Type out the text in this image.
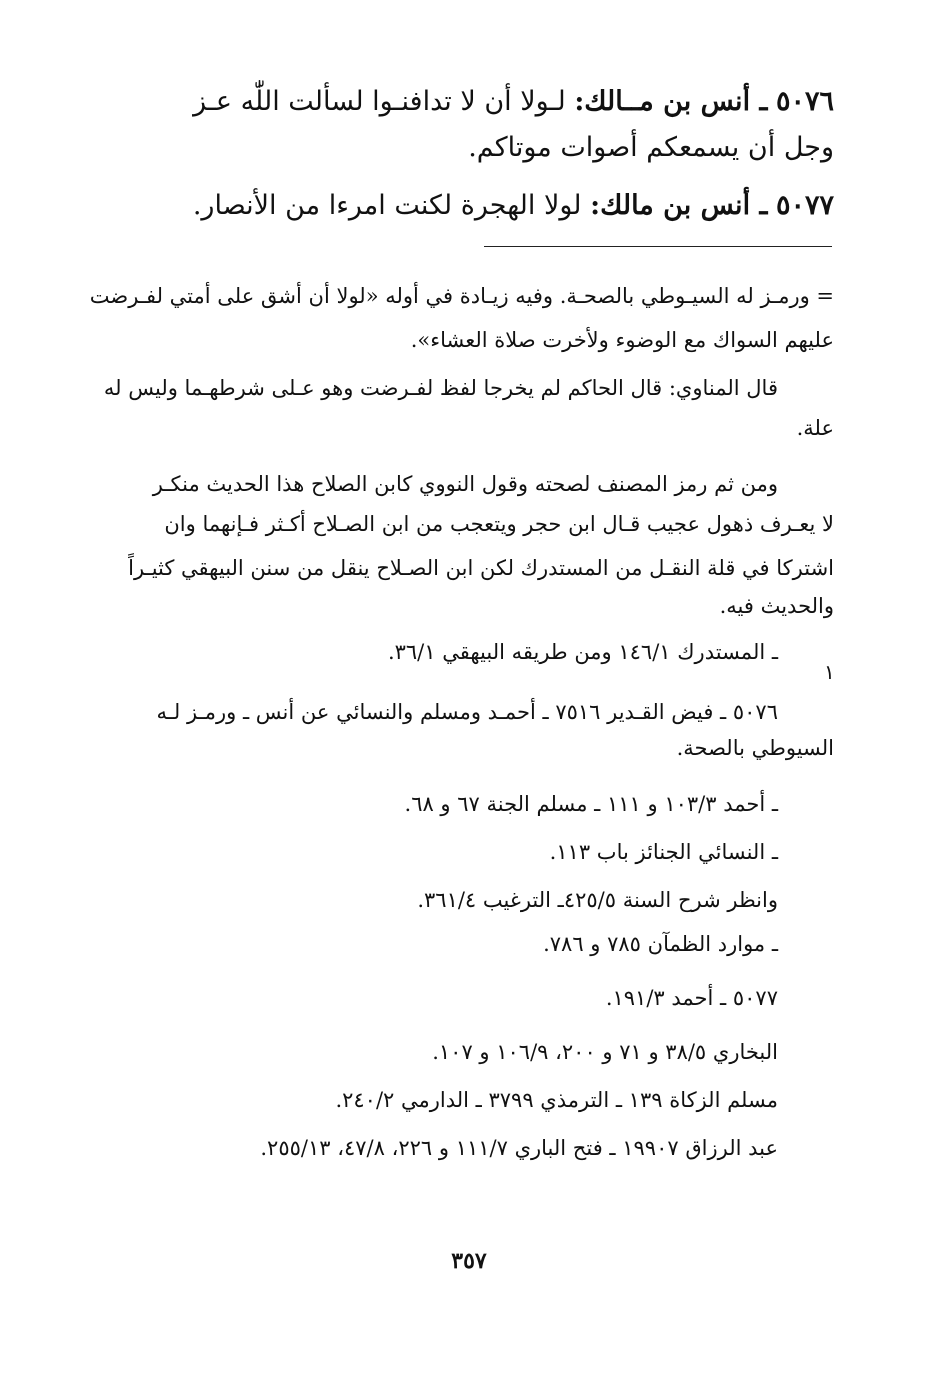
٥٠٧٦ ـ أنس بن مــالك: لـولا أن لا تدافنـوا لسألت اللّٰه عـز
وجل أن يسمعكم أصوات موتاكم.
٥٠٧٧ ـ أنس بن مالك: لولا الهجرة لكنت امرءا من الأنصار.
= ورمـز له السيـوطي بالصحـة. وفيه زيـادة في أوله «لولا أن أشق على أمتي لفـرضت
عليهم السواك مع الوضوء ولأخرت صلاة العشاء».
قال المناوي: قال الحاكم لم يخرجا لفظ لفـرضت وهو عـلى شرطهـما وليس له
علة.
ومن ثم رمز المصنف لصحته وقول النووي كابن الصلاح هذا الحديث منكـر
لا يعـرف ذهول عجيب قـال ابن حجر ويتعجب من ابن الصـلاح أكـثر فـإنهما وان
اشتركا في قلة النقـل من المستدرك لكن ابن الصـلاح ينقل من سنن البيهقي كثيـراً
والحديث فيه.
ـ المستدرك ١٤٦/١ ومن طريقه البيهقي ٣٦/١.
١
٥٠٧٦ ـ فيض القـدير ٧٥١٦ ـ أحمـد ومسلم والنسائي عن أنس ـ ورمـز لـه
السيوطي بالصحة.
ـ أحمد ١٠٣/٣ و ١١١ ـ مسلم الجنة ٦٧ و ٦٨.
ـ النسائي الجنائز باب ١١٣.
وانظر شرح السنة ٤٢٥/٥ـ الترغيب ٣٦١/٤.
ـ موارد الظمآن ٧٨٥ و ٧٨٦.
٥٠٧٧ ـ أحمد ١٩١/٣.
البخاري ٣٨/٥ و ٧١ و ٢٠٠، ١٠٦/٩ و ١٠٧.
مسلم الزكاة ١٣٩ ـ الترمذي ٣٧٩٩ ـ الدارمي ٢٤٠/٢.
عبد الرزاق ١٩٩٠٧ ـ فتح الباري ١١١/٧ و ٢٢٦، ٤٧/٨، ٢٥٥/١٣.
٣٥٧
